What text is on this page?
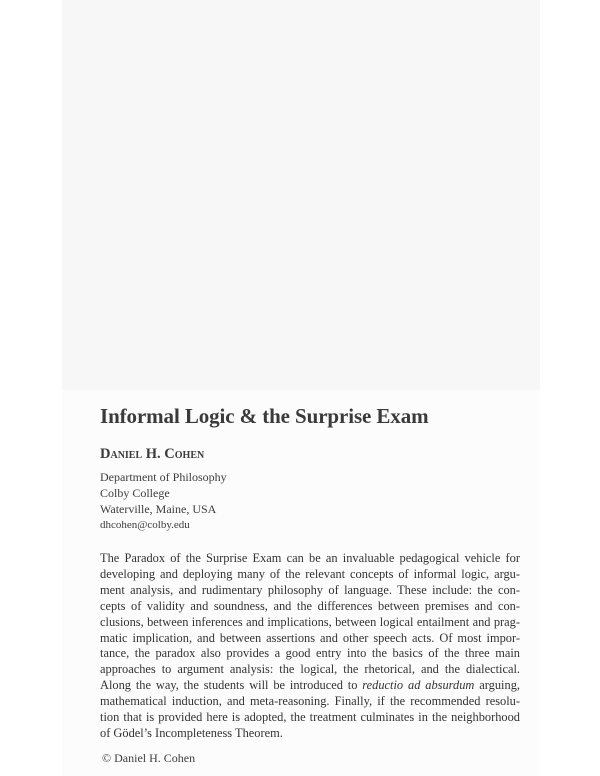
Informal Logic & the Surprise Exam
Daniel H. Cohen
Department of Philosophy
Colby College
Waterville, Maine, USA
dhcohen@colby.edu
The Paradox of the Surprise Exam can be an invaluable pedagogical vehicle for
developing and deploying many of the relevant concepts of informal logic, argu-
ment analysis, and rudimentary philosophy of language. These include: the con-
cepts of validity and soundness, and the differences between premises and con-
clusions, between inferences and implications, between logical entailment and prag-
matic implication, and between assertions and other speech acts. Of most impor-
tance, the paradox also provides a good entry into the basics of the three main
approaches to argument analysis: the logical, the rhetorical, and the dialectical.
Along the way, the students will be introduced to reductio ad absurdum arguing,
mathematical induction, and meta-reasoning. Finally, if the recommended resolu-
tion that is provided here is adopted, the treatment culminates in the neighborhood
of Gödel’s Incompleteness Theorem.
© Daniel H. Cohen
